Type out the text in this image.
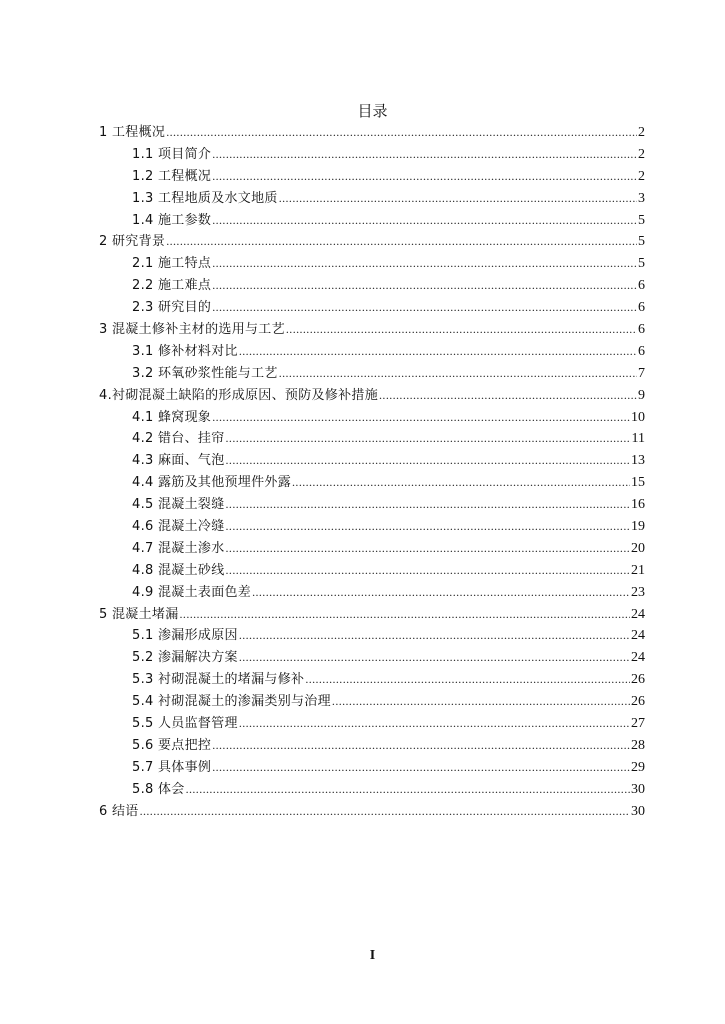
目录
1 工程概况 .....	2
1.1 项目简介 .....	2
1.2 工程概况 .....	2
1.3 工程地质及水文地质 .....	3
1.4 施工参数 .....	5
2 研究背景 .....	5
2.1 施工特点 .....	5
2.2 施工难点 .....	6
2.3 研究目的 .....	6
3 混凝土修补主材的选用与工艺 .....	6
3.1 修补材料对比 .....	6
3.2 环氧砂浆性能与工艺 .....	7
4.衬砌混凝土缺陷的形成原因、预防及修补措施 .....	9
4.1 蜂窝现象 .....	10
4.2 错台、挂帘 .....	11
4.3 麻面、气泡 .....	13
4.4 露筋及其他预埋件外露 .....	15
4.5 混凝土裂缝 .....	16
4.6 混凝土冷缝 .....	19
4.7 混凝土渗水 .....	20
4.8 混凝土砂线 .....	21
4.9 混凝土表面色差 .....	23
5 混凝土堵漏 .....	24
5.1 渗漏形成原因 .....	24
5.2 渗漏解决方案 .....	24
5.3 衬砌混凝土的堵漏与修补 .....	26
5.4 衬砌混凝土的渗漏类别与治理 .....	26
5.5 人员监督管理 .....	27
5.6 要点把控 .....	28
5.7 具体事例 .....	29
5.8 体会 .....	30
6 结语 .....	30
I
